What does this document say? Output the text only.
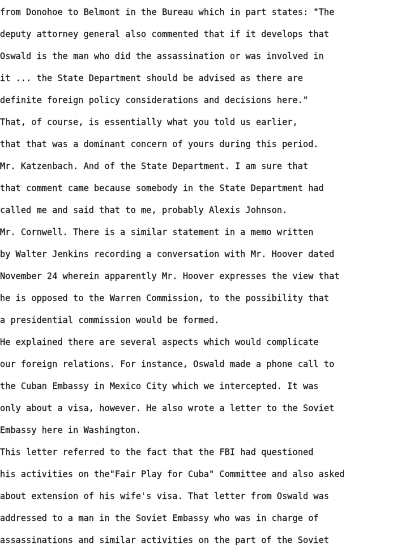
from Donohoe to Belmont in the Bureau which in part states: "The
deputy attorney general also commented that if it develops that
Oswald is the man who did the assassination or was involved in
it ... the State Department should be advised as there are
definite foreign policy considerations and decisions here."
That, of course, is essentially what you told us earlier,
that that was a dominant concern of yours during this period.
Mr. Katzenbach. And of the State Department. I am sure that
that comment came because somebody in the State Department had
called me and said that to me, probably Alexis Johnson.
Mr. Cornwell. There is a similar statement in a memo written
by Walter Jenkins recording a conversation with Mr. Hoover dated
November 24 wherein apparently Mr. Hoover expresses the view that
he is opposed to the Warren Commission, to the possibility that
a presidential commission would be formed.
He explained there are several aspects which would complicate
our foreign relations. For instance, Oswald made a phone call to
the Cuban Embassy in Mexico City which we intercepted. It was
only about a visa, however. He also wrote a letter to the Soviet
Embassy here in Washington.
This letter referred to the fact that the FBI had questioned
his activities on the"Fair Play for Cuba" Committee and also asked
about extension of his wife's visa. That letter from Oswald was
addressed to a man in the Soviet Embassy who was in charge of
assassinations and similar activities on the part of the Soviet
